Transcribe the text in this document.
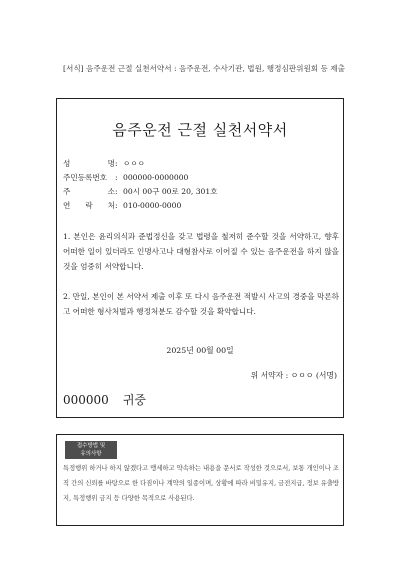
[서식] 음주운전 근절 실천서약서 : 음주운전, 수사기관, 법원, 행정심판위원회 등 제출
음주운전 근절 실천서약서
성	명 : ㅇㅇㅇ
주민등록번호 : 000000-0000000
주	소 : 00시 00구 00로 20, 301호
연 락 처 : 010-0000-0000
1. 본인은 윤리의식과 준법정신을 갖고 법령을 철저히 준수할 것을 서약하고, 향후 어떠한 일이 있더라도 인명사고나 대형참사로 이어질 수 있는 음주운전을 하지 않을 것을 엄중히 서약합니다.
2. 만일, 본인이 본 서약서 제출 이후 또 다시 음주운전 적발시 사고의 경중을 막론하고 어떠한 형사처벌과 행정처분도 감수할 것을 확약합니다.
2025년 00월 00일
위 서약자 : ㅇㅇㅇ (서명)
000000 귀중
접수방법 및
유의사항
특정행위 하거나 하지 않겠다고 맹세하고 약속하는 내용을 문서로 작성한 것으로서, 보통 개인이나 조직 간의 신뢰를 바탕으로 한 다짐이나 계약의 일종이며, 상황에 따라 비밀유지, 금전지급, 정보 유출방지, 특정행위 금지 등 다양한 목적으로 사용된다.
